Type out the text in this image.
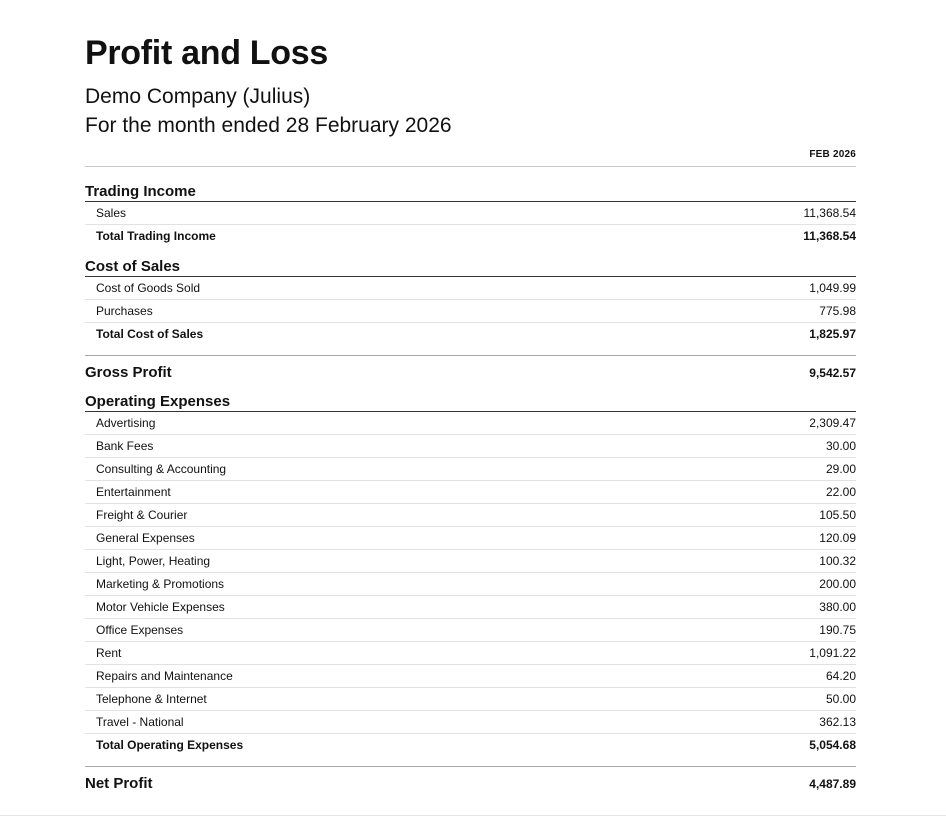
Profit and Loss
Demo Company (Julius)
For the month ended 28 February 2026
FEB 2026
Trading Income
Sales	11,368.54
Total Trading Income	11,368.54
Cost of Sales
Cost of Goods Sold	1,049.99
Purchases	775.98
Total Cost of Sales	1,825.97
Gross Profit	9,542.57
Operating Expenses
Advertising	2,309.47
Bank Fees	30.00
Consulting & Accounting	29.00
Entertainment	22.00
Freight & Courier	105.50
General Expenses	120.09
Light, Power, Heating	100.32
Marketing & Promotions	200.00
Motor Vehicle Expenses	380.00
Office Expenses	190.75
Rent	1,091.22
Repairs and Maintenance	64.20
Telephone & Internet	50.00
Travel - National	362.13
Total Operating Expenses	5,054.68
Net Profit	4,487.89
